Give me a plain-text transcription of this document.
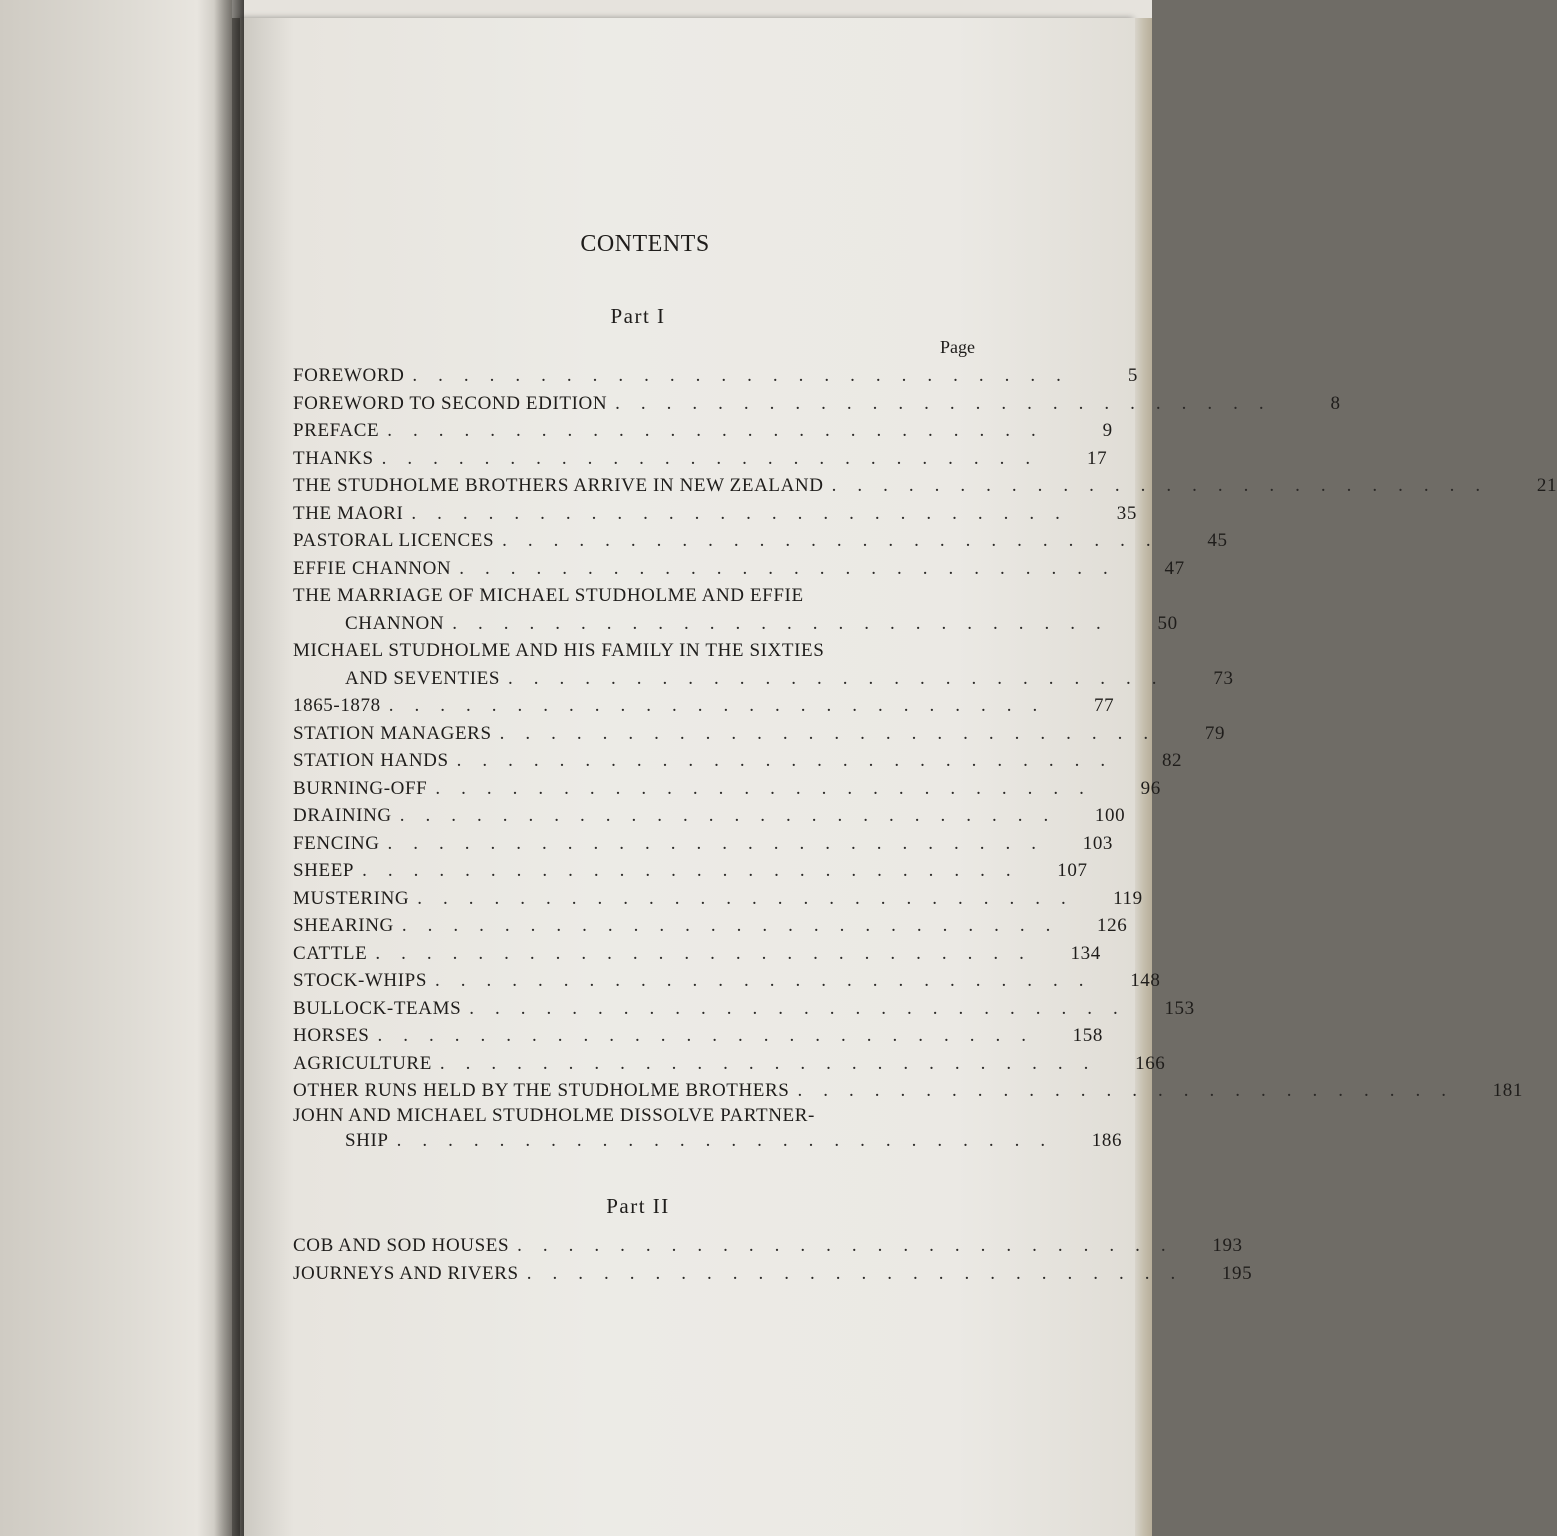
CONTENTS
Part I
Page
FOREWORD ..........................	5
FOREWORD TO SECOND EDITION ..........................	8
PREFACE ..........................	9
THANKS ..........................	17
THE STUDHOLME BROTHERS ARRIVE IN NEW ZEALAND ..........................	21
THE MAORI ..........................	35
PASTORAL LICENCES ..........................	45
EFFIE CHANNON ..........................	47
THE MARRIAGE OF MICHAEL STUDHOLME AND EFFIE
CHANNON ..........................	50
MICHAEL STUDHOLME AND HIS FAMILY IN THE SIXTIES
AND SEVENTIES ..........................	73
1865-1878 ..........................	77
STATION MANAGERS ..........................	79
STATION HANDS ..........................	82
BURNING-OFF ..........................	96
DRAINING ..........................	100
FENCING ..........................	103
SHEEP ..........................	107
MUSTERING ..........................	119
SHEARING ..........................	126
CATTLE ..........................	134
STOCK-WHIPS ..........................	148
BULLOCK-TEAMS ..........................	153
HORSES ..........................	158
AGRICULTURE ..........................	166
OTHER RUNS HELD BY THE STUDHOLME BROTHERS ..........................	181
JOHN AND MICHAEL STUDHOLME DISSOLVE PARTNER-
SHIP ..........................	186
Part II
COB AND SOD HOUSES ..........................	193
JOURNEYS AND RIVERS ..........................	195
